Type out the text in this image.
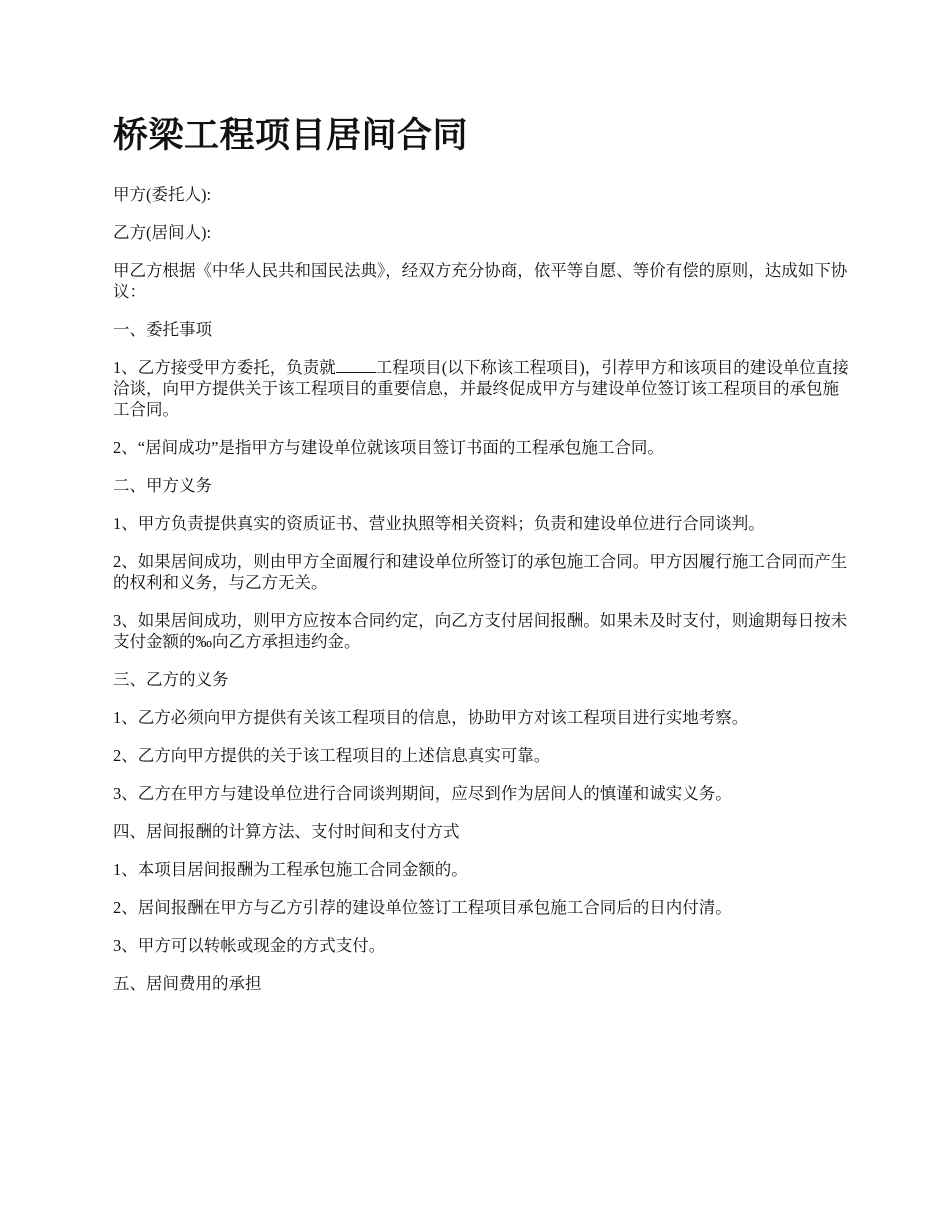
桥梁工程项目居间合同

甲方(委托人):

乙方(居间人):

甲乙方根据《中华人民共和国民法典》，经双方充分协商，依平等自愿、等价有偿的原则，达成如下协议：

一、委托事项

1、乙方接受甲方委托，负责就 工程项目(以下称该工程项目)，引荐甲方和该项目的建设单位直接洽谈，向甲方提供关于该工程项目的重要信息，并最终促成甲方与建设单位签订该工程项目的承包施工合同。

2、“居间成功”是指甲方与建设单位就该项目签订书面的工程承包施工合同。

二、甲方义务

1、甲方负责提供真实的资质证书、营业执照等相关资料；负责和建设单位进行合同谈判。

2、如果居间成功，则由甲方全面履行和建设单位所签订的承包施工合同。甲方因履行施工合同而产生的权利和义务，与乙方无关。

3、如果居间成功，则甲方应按本合同约定，向乙方支付居间报酬。如果未及时支付，则逾期每日按未支付金额的‰向乙方承担违约金。

三、乙方的义务

1、乙方必须向甲方提供有关该工程项目的信息，协助甲方对该工程项目进行实地考察。

2、乙方向甲方提供的关于该工程项目的上述信息真实可靠。

3、乙方在甲方与建设单位进行合同谈判期间，应尽到作为居间人的慎谨和诚实义务。

四、居间报酬的计算方法、支付时间和支付方式

1、本项目居间报酬为工程承包施工合同金额的。

2、居间报酬在甲方与乙方引荐的建设单位签订工程项目承包施工合同后的日内付清。

3、甲方可以转帐或现金的方式支付。

五、居间费用的承担
